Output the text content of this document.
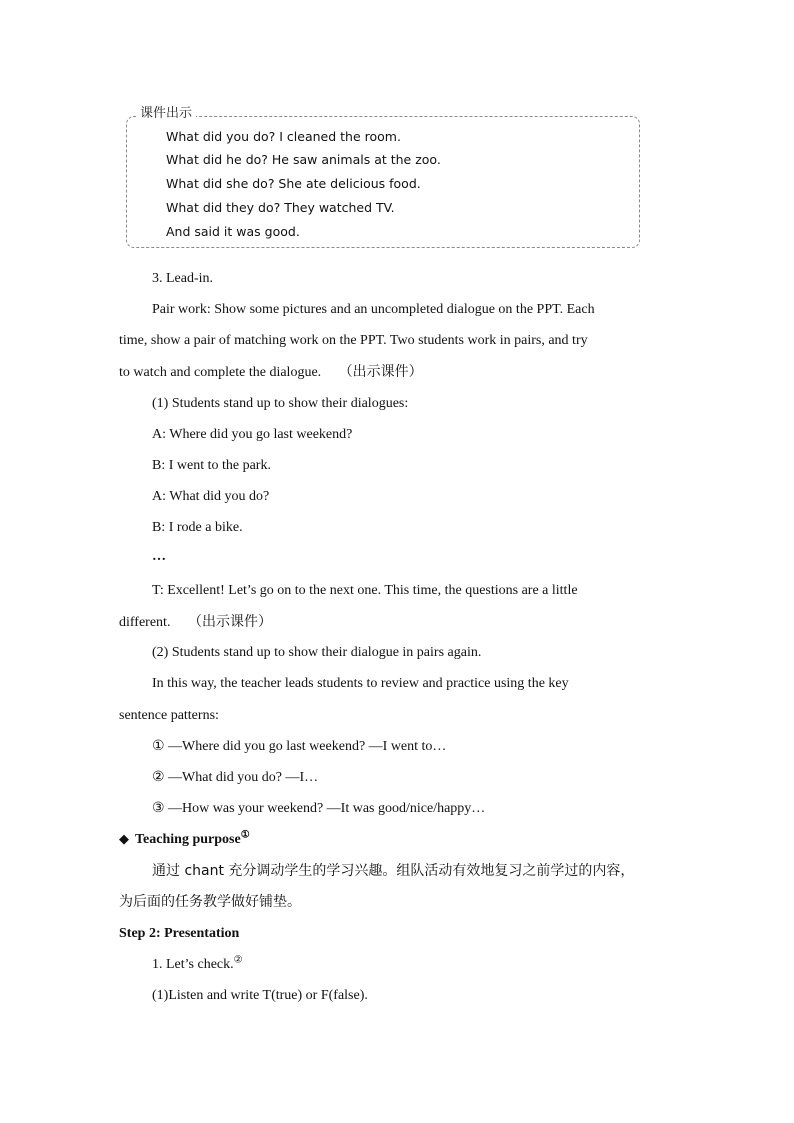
课件出示
What did you do? I cleaned the room.
What did he do? He saw animals at the zoo.
What did she do? She ate delicious food.
What did they do? They watched TV.
And said it was good.
3. Lead-in.
Pair work: Show some pictures and an uncompleted dialogue on the PPT. Each
time, show a pair of matching work on the PPT. Two students work in pairs, and try
to watch and complete the dialogue. （出示课件）
(1) Students stand up to show their dialogues:
A: Where did you go last weekend?
B: I went to the park.
A: What did you do?
B: I rode a bike.
…
T: Excellent! Let’s go on to the next one. This time, the questions are a little
different. （出示课件）
(2) Students stand up to show their dialogue in pairs again.
In this way, the teacher leads students to review and practice using the key
sentence patterns:
① —Where did you go last weekend? —I went to…
② —What did you do? —I…
③ —How was your weekend? —It was good/nice/happy…
◆ Teaching purpose①
通过 chant 充分调动学生的学习兴趣。组队活动有效地复习之前学过的内容，
为后面的任务教学做好铺垫。
Step 2: Presentation
1. Let’s check.②
(1)Listen and write T(true) or F(false).
